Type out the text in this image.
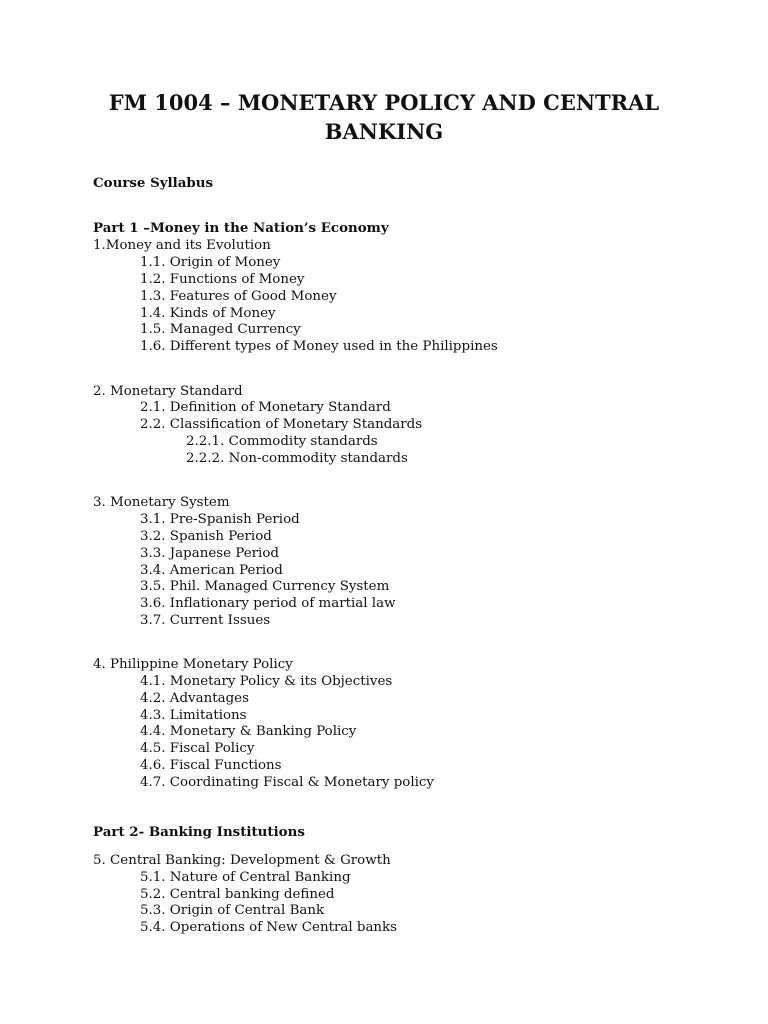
FM 1004 – MONETARY POLICY AND CENTRAL BANKING
Course Syllabus
Part 1 –Money in the Nation’s Economy
1.Money and its Evolution
1.1. Origin of Money
1.2. Functions of Money
1.3. Features of Good Money
1.4. Kinds of Money
1.5. Managed Currency
1.6. Different types of Money used in the Philippines
2. Monetary Standard
2.1. Definition of Monetary Standard
2.2. Classification of Monetary Standards
2.2.1. Commodity standards
2.2.2. Non-commodity standards
3. Monetary System
3.1. Pre-Spanish Period
3.2. Spanish Period
3.3. Japanese Period
3.4. American Period
3.5. Phil. Managed Currency System
3.6. Inflationary period of martial law
3.7. Current Issues
4. Philippine Monetary Policy
4.1. Monetary Policy & its Objectives
4.2. Advantages
4.3. Limitations
4.4. Monetary & Banking Policy
4.5. Fiscal Policy
4.6. Fiscal Functions
4.7. Coordinating Fiscal & Monetary policy
Part 2- Banking Institutions
5. Central Banking: Development & Growth
5.1. Nature of Central Banking
5.2. Central banking defined
5.3. Origin of Central Bank
5.4. Operations of New Central banks
